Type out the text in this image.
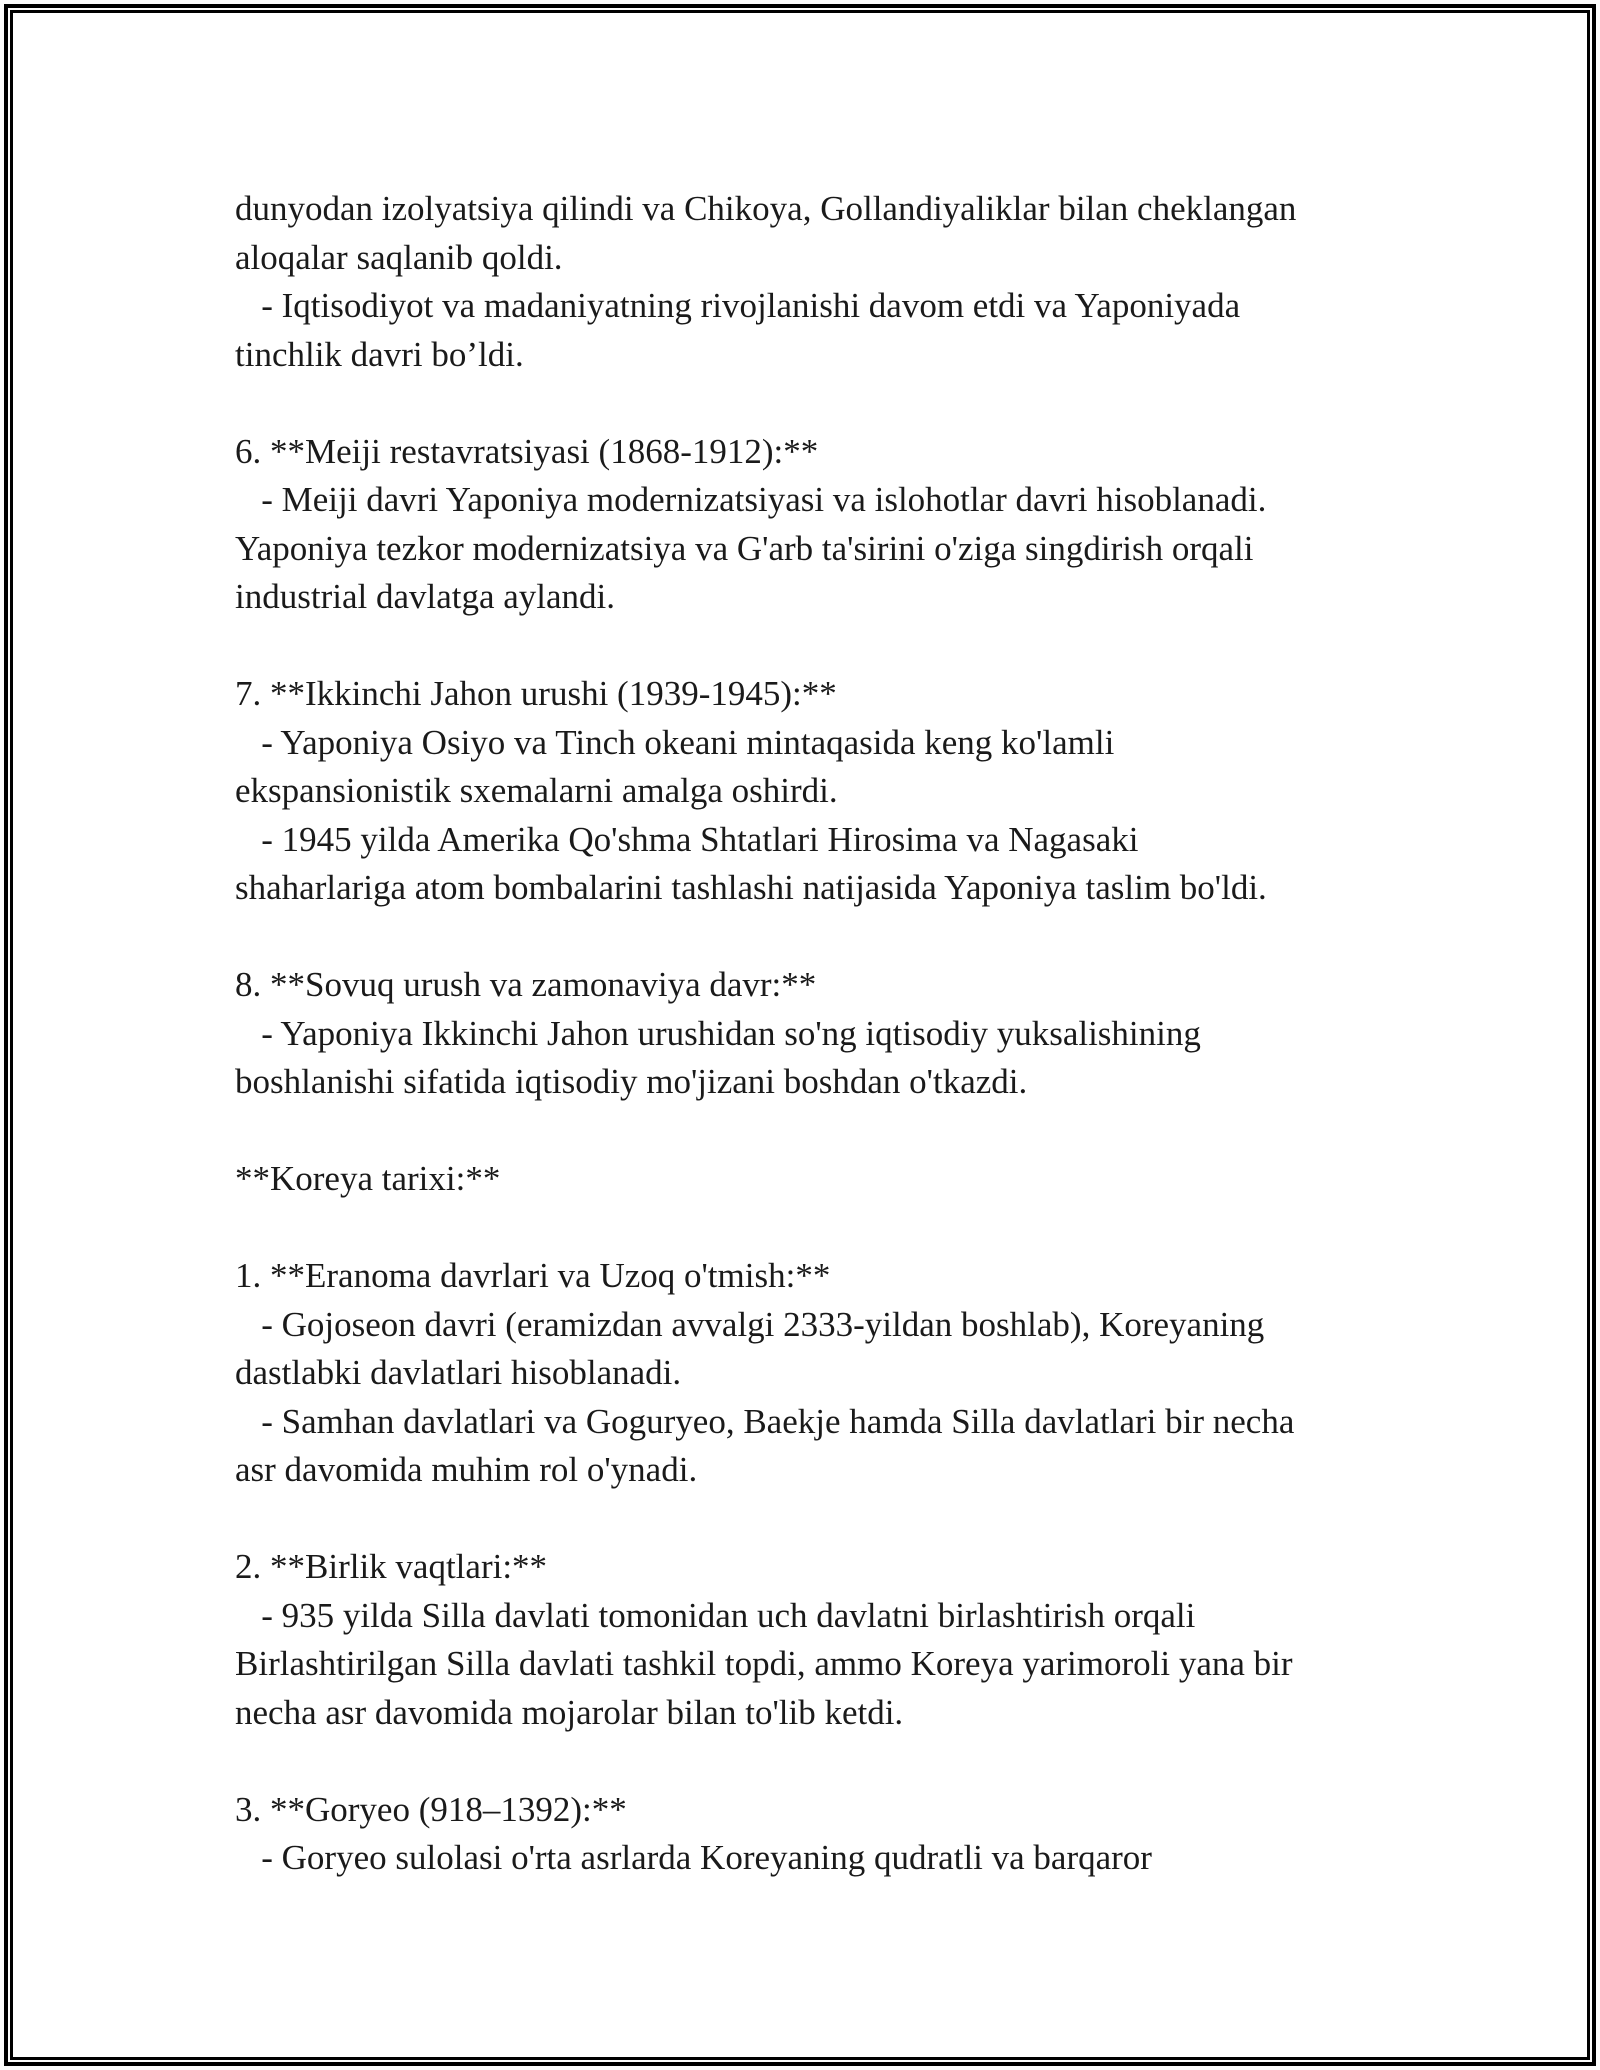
dunyodan izolyatsiya qilindi va Chikoya, Gollandiyaliklar bilan cheklangan

aloqalar saqlanib qoldi.

- Iqtisodiyot va madaniyatning rivojlanishi davom etdi va Yaponiyada

tinchlik davri bo’ldi.

6. **Meiji restavratsiyasi (1868-1912):**

- Meiji davri Yaponiya modernizatsiyasi va islohotlar davri hisoblanadi.

Yaponiya tezkor modernizatsiya va G'arb ta'sirini o'ziga singdirish orqali

industrial davlatga aylandi.

7. **Ikkinchi Jahon urushi (1939-1945):**

- Yaponiya Osiyo va Tinch okeani mintaqasida keng ko'lamli

ekspansionistik sxemalarni amalga oshirdi.

- 1945 yilda Amerika Qo'shma Shtatlari Hirosima va Nagasaki

shaharlariga atom bombalarini tashlashi natijasida Yaponiya taslim bo'ldi.

8. **Sovuq urush va zamonaviya davr:**

- Yaponiya Ikkinchi Jahon urushidan so'ng iqtisodiy yuksalishining

boshlanishi sifatida iqtisodiy mo'jizani boshdan o'tkazdi.

**Koreya tarixi:**

1. **Eranoma davrlari va Uzoq o'tmish:**

- Gojoseon davri (eramizdan avvalgi 2333-yildan boshlab), Koreyaning

dastlabki davlatlari hisoblanadi.

- Samhan davlatlari va Goguryeo, Baekje hamda Silla davlatlari bir necha

asr davomida muhim rol o'ynadi.

2. **Birlik vaqtlari:**

- 935 yilda Silla davlati tomonidan uch davlatni birlashtirish orqali

Birlashtirilgan Silla davlati tashkil topdi, ammo Koreya yarimoroli yana bir

necha asr davomida mojarolar bilan to'lib ketdi.

3. **Goryeo (918–1392):**

- Goryeo sulolasi o'rta asrlarda Koreyaning qudratli va barqaror
